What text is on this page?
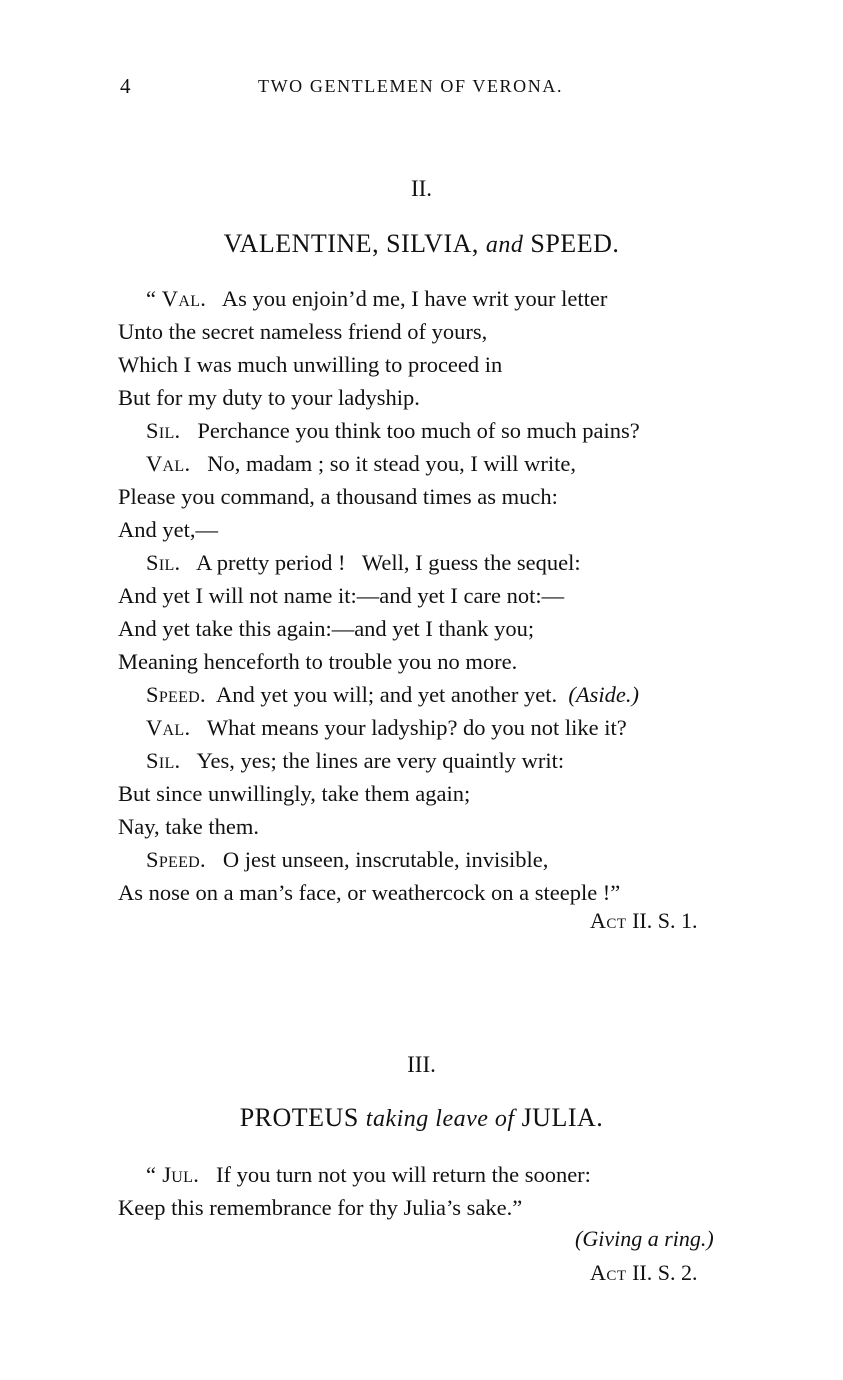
4	TWO GENTLEMEN OF VERONA.
II.
VALENTINE, SILVIA, and SPEED.
“ Val. As you enjoin’d me, I have writ your letter
Unto the secret nameless friend of yours,
Which I was much unwilling to proceed in
But for my duty to your ladyship.
Sil. Perchance you think too much of so much pains?
Val. No, madam ; so it stead you, I will write,
Please you command, a thousand times as much:
And yet,—
Sil. A pretty period !   Well, I guess the sequel:
And yet I will not name it:—and yet I care not:—
And yet take this again:—and yet I thank you;
Meaning henceforth to trouble you no more.
Speed. And yet you will; and yet another yet. (Aside.)
Val. What means your ladyship? do you not like it?
Sil. Yes, yes; the lines are very quaintly writ:
But since unwillingly, take them again;
Nay, take them.
Speed. O jest unseen, inscrutable, invisible,
As nose on a man’s face, or weathercock on a steeple !”
Act II. S. 1.
III.
PROTEUS taking leave of JULIA.
“ Jul. If you turn not you will return the sooner:
Keep this remembrance for thy Julia’s sake.”
(Giving a ring.)
Act II. S. 2.
